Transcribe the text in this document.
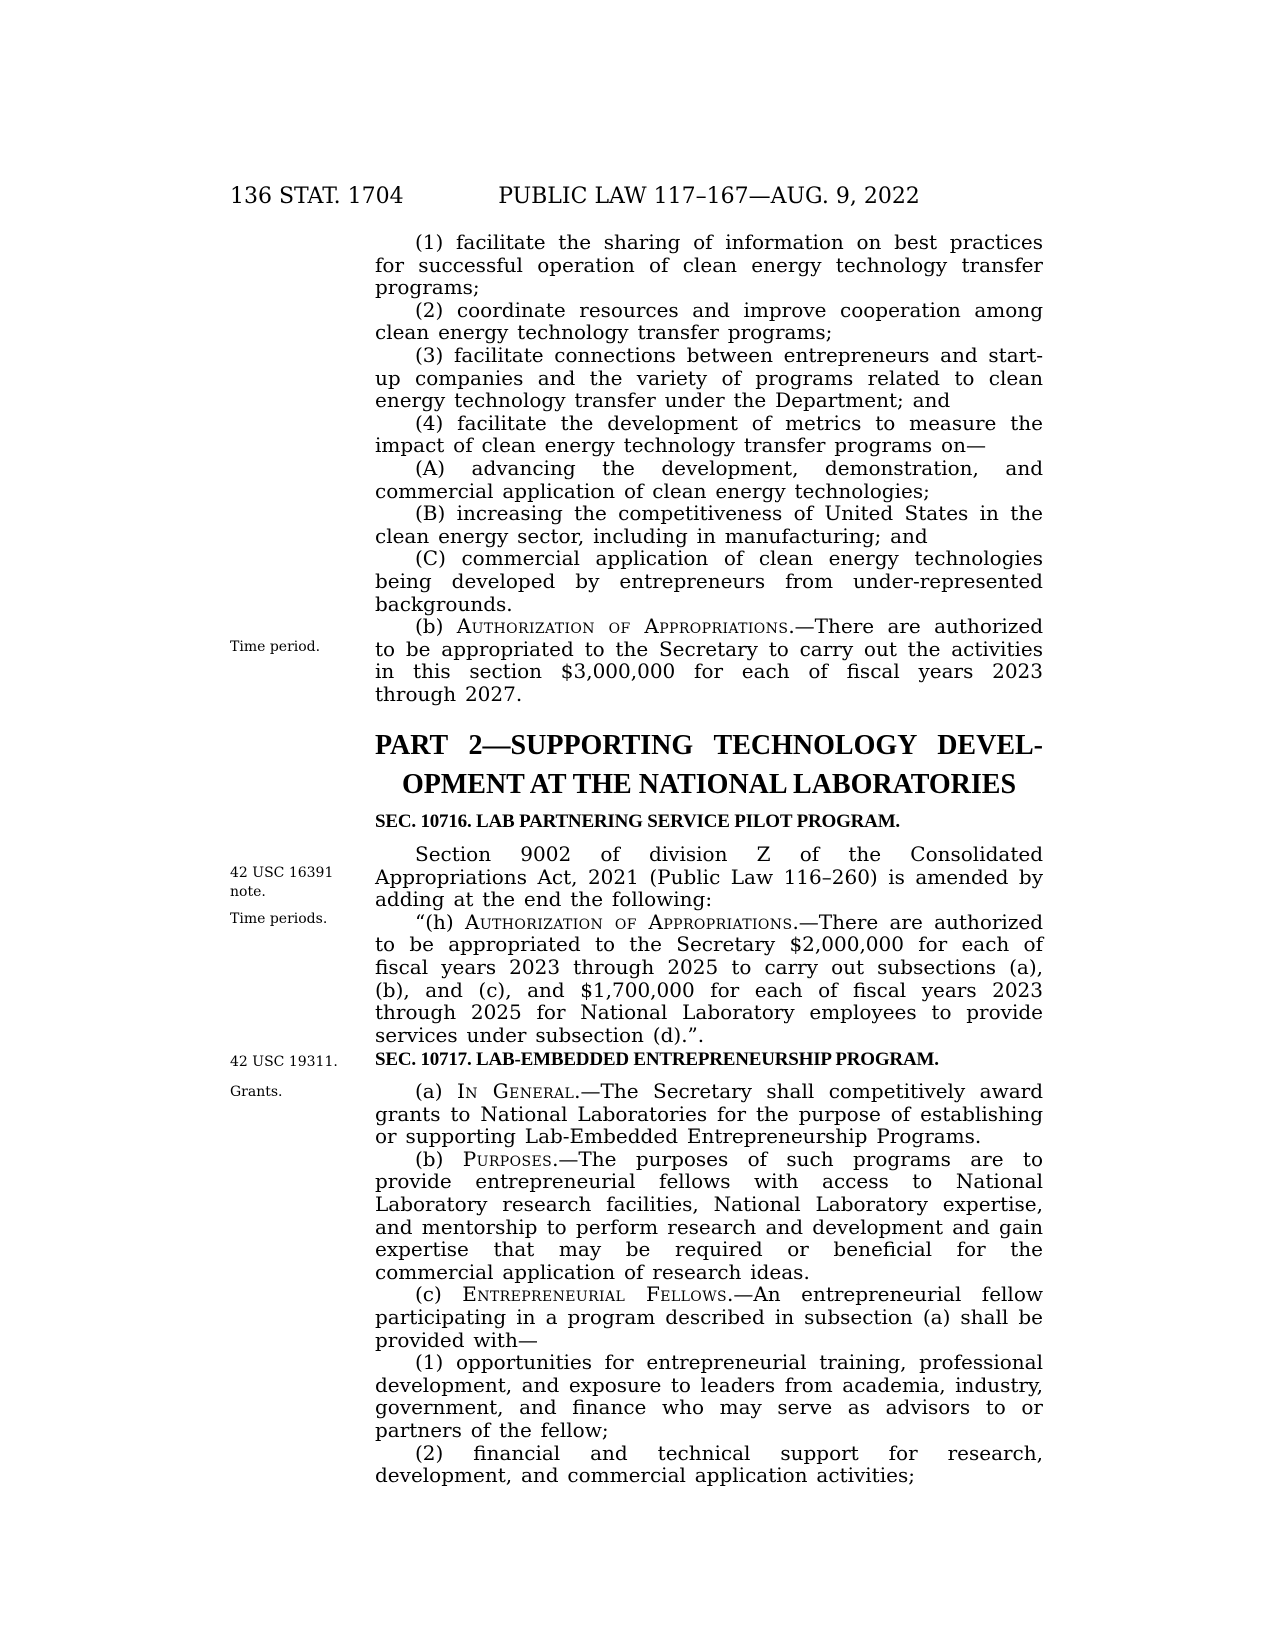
136 STAT. 1704	PUBLIC LAW 117–167—AUG. 9, 2022
Time period.
42 USC 16391 note.
Time periods.
42 USC 19311.
Grants.

(1) facilitate the sharing of information on best practices for successful operation of clean energy technology transfer programs;

(2) coordinate resources and improve cooperation among clean energy technology transfer programs;

(3) facilitate connections between entrepreneurs and start-up companies and the variety of programs related to clean energy technology transfer under the Department; and

(4) facilitate the development of metrics to measure the impact of clean energy technology transfer programs on—

(A) advancing the development, demonstration, and commercial application of clean energy technologies;

(B) increasing the competitiveness of United States in the clean energy sector, including in manufacturing; and

(C) commercial application of clean energy technologies being developed by entrepreneurs from under-represented backgrounds.

(b) Authorization of Appropriations.—There are authorized to be appropriated to the Secretary to carry out the activities in this section $3,000,000 for each of fiscal years 2023 through 2027.

PART 2—SUPPORTING TECHNOLOGY DEVEL-
OPMENT AT THE NATIONAL LABORATORIES
SEC. 10716. LAB PARTNERING SERVICE PILOT PROGRAM.

Section 9002 of division Z of the Consolidated Appropriations Act, 2021 (Public Law 116–260) is amended by adding at the end the following:

“(h) Authorization of Appropriations.—There are authorized to be appropriated to the Secretary $2,000,000 for each of fiscal years 2023 through 2025 to carry out subsections (a), (b), and (c), and $1,700,000 for each of fiscal years 2023 through 2025 for National Laboratory employees to provide services under subsection (d).”.

SEC. 10717. LAB-EMBEDDED ENTREPRENEURSHIP PROGRAM.

(a) In General.—The Secretary shall competitively award grants to National Laboratories for the purpose of establishing or supporting Lab-Embedded Entrepreneurship Programs.

(b) Purposes.—The purposes of such programs are to provide entrepreneurial fellows with access to National Laboratory research facilities, National Laboratory expertise, and mentorship to perform research and development and gain expertise that may be required or beneficial for the commercial application of research ideas.

(c) Entrepreneurial Fellows.—An entrepreneurial fellow participating in a program described in subsection (a) shall be provided with—

(1) opportunities for entrepreneurial training, professional development, and exposure to leaders from academia, industry, government, and finance who may serve as advisors to or partners of the fellow;

(2) financial and technical support for research, development, and commercial application activities;
